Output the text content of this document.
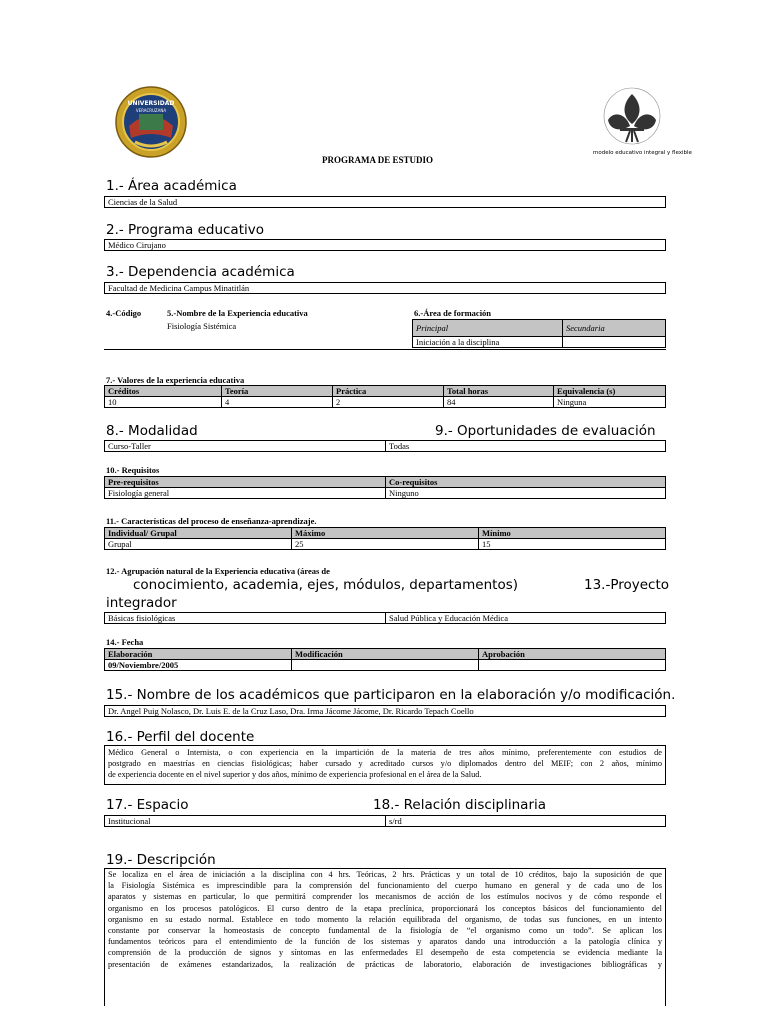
UNIVERSIDAD
VERACRUZANA
modelo educativo integral y flexible
PROGRAMA DE ESTUDIO
1.- Área académica
Ciencias de la Salud
2.- Programa educativo
Médico Cirujano
3.- Dependencia académica
Facultad de Medicina Campus Minatitlán
4.-Código	5.-Nombre de la Experiencia educativa
Fisiología Sistémica
6.-Área de formación
Principal	Secundaria
Iniciación a la disciplina	
7.- Valores de la experiencia educativa
Créditos	Teoría	Práctica	Total horas	Equivalencia (s)
10	4	2	84	Ninguna
8.- Modalidad	9.- Oportunidades de evaluación
Curso-Taller	Todas
10.- Requisitos
Pre-requisitos	Co-requisitos
Fisiología general	Ninguno
11.- Características del proceso de enseñanza-aprendizaje.
Individual/ Grupal	Máximo	Mínimo
Grupal	25	15
12.- Agrupación natural de la Experiencia educativa (áreas de
conocimiento, academia, ejes, módulos, departamentos)	13.-Proyecto
integrador
Básicas fisiológicas	Salud Pública y Educación Médica
14.- Fecha
Elaboración	Modificación	Aprobación
09/Noviembre/2005		
15.- Nombre de los académicos que participaron en la elaboración y/o modificación.
Dr. Angel Puig Nolasco, Dr. Luis E. de la Cruz Laso, Dra. Irma Jácome Jácome, Dr. Ricardo Tepach Coello
16.- Perfil del docente
Médico General o Internista, o con experiencia en la impartición de la materia de tres años mínimo, preferentemente con estudios de
postgrado en maestrías en ciencias fisiológicas; haber cursado y acreditado cursos y/o diplomados dentro del MEIF; con 2 años, mínimo
de experiencia docente en el nivel superior y dos años, mínimo de experiencia profesional en el área de la Salud.
17.- Espacio	18.- Relación disciplinaria
Institucional	s/rd
19.- Descripción
Se localiza en el área de iniciación a la disciplina con 4 hrs. Teóricas, 2 hrs. Prácticas y un total de 10 créditos, bajo la suposición de que
la Fisiología Sistémica es imprescindible para la comprensión del funcionamiento del cuerpo humano en general y de cada uno de los
aparatos y sistemas en particular, lo que permitirá comprender los mecanismos de acción de los estímulos nocivos y de cómo responde el
organismo en los procesos patológicos. El curso dentro de la etapa preclínica, proporcionará los conceptos básicos del funcionamiento del
organismo en su estado normal. Establece en todo momento la relación equilibrada del organismo, de todas sus funciones, en un intento
constante por conservar la homeostasis de concepto fundamental de la fisiología de “el organismo como un todo”. Se aplican los
fundamentos teóricos para el entendimiento de la función de los sistemas y aparatos dando una introducción a la patología clínica y
comprensión de la producción de signos y síntomas en las enfermedades El desempeño de esta competencia se evidencia mediante la
presentación de exámenes estandarizados, la realización de prácticas de laboratorio, elaboración de investigaciones bibliográficas y
